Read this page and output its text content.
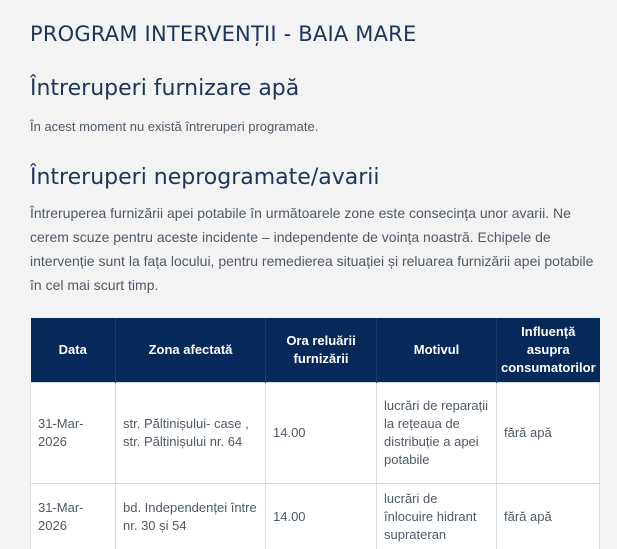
PROGRAM INTERVENȚII - BAIA MARE
Întreruperi furnizare apă

În acest moment nu există întreruperi programate.

Întreruperi neprogramate/avarii

Întreruperea furnizării apei potabile în următoarele zone este consecința unor avarii. Ne cerem scuze pentru aceste incidente – independente de voința noastră. Echipele de intervenție sunt la fața locului, pentru remedierea situației și reluarea furnizării apei potabile în cel mai scurt timp.

Data	Zona afectată	Ora reluării furnizării	Motivul	Influență asupra consumatorilor
31-Mar-2026	str. Păltinișului- case , str. Păltinișului nr. 64	14.00	lucrări de reparații la rețeaua de distribuție a apei potabile	fără apă
31-Mar-2026	bd. Independenței între nr. 30 și 54	14.00	lucrări de înlocuire hidrant suprateran	fără apă
